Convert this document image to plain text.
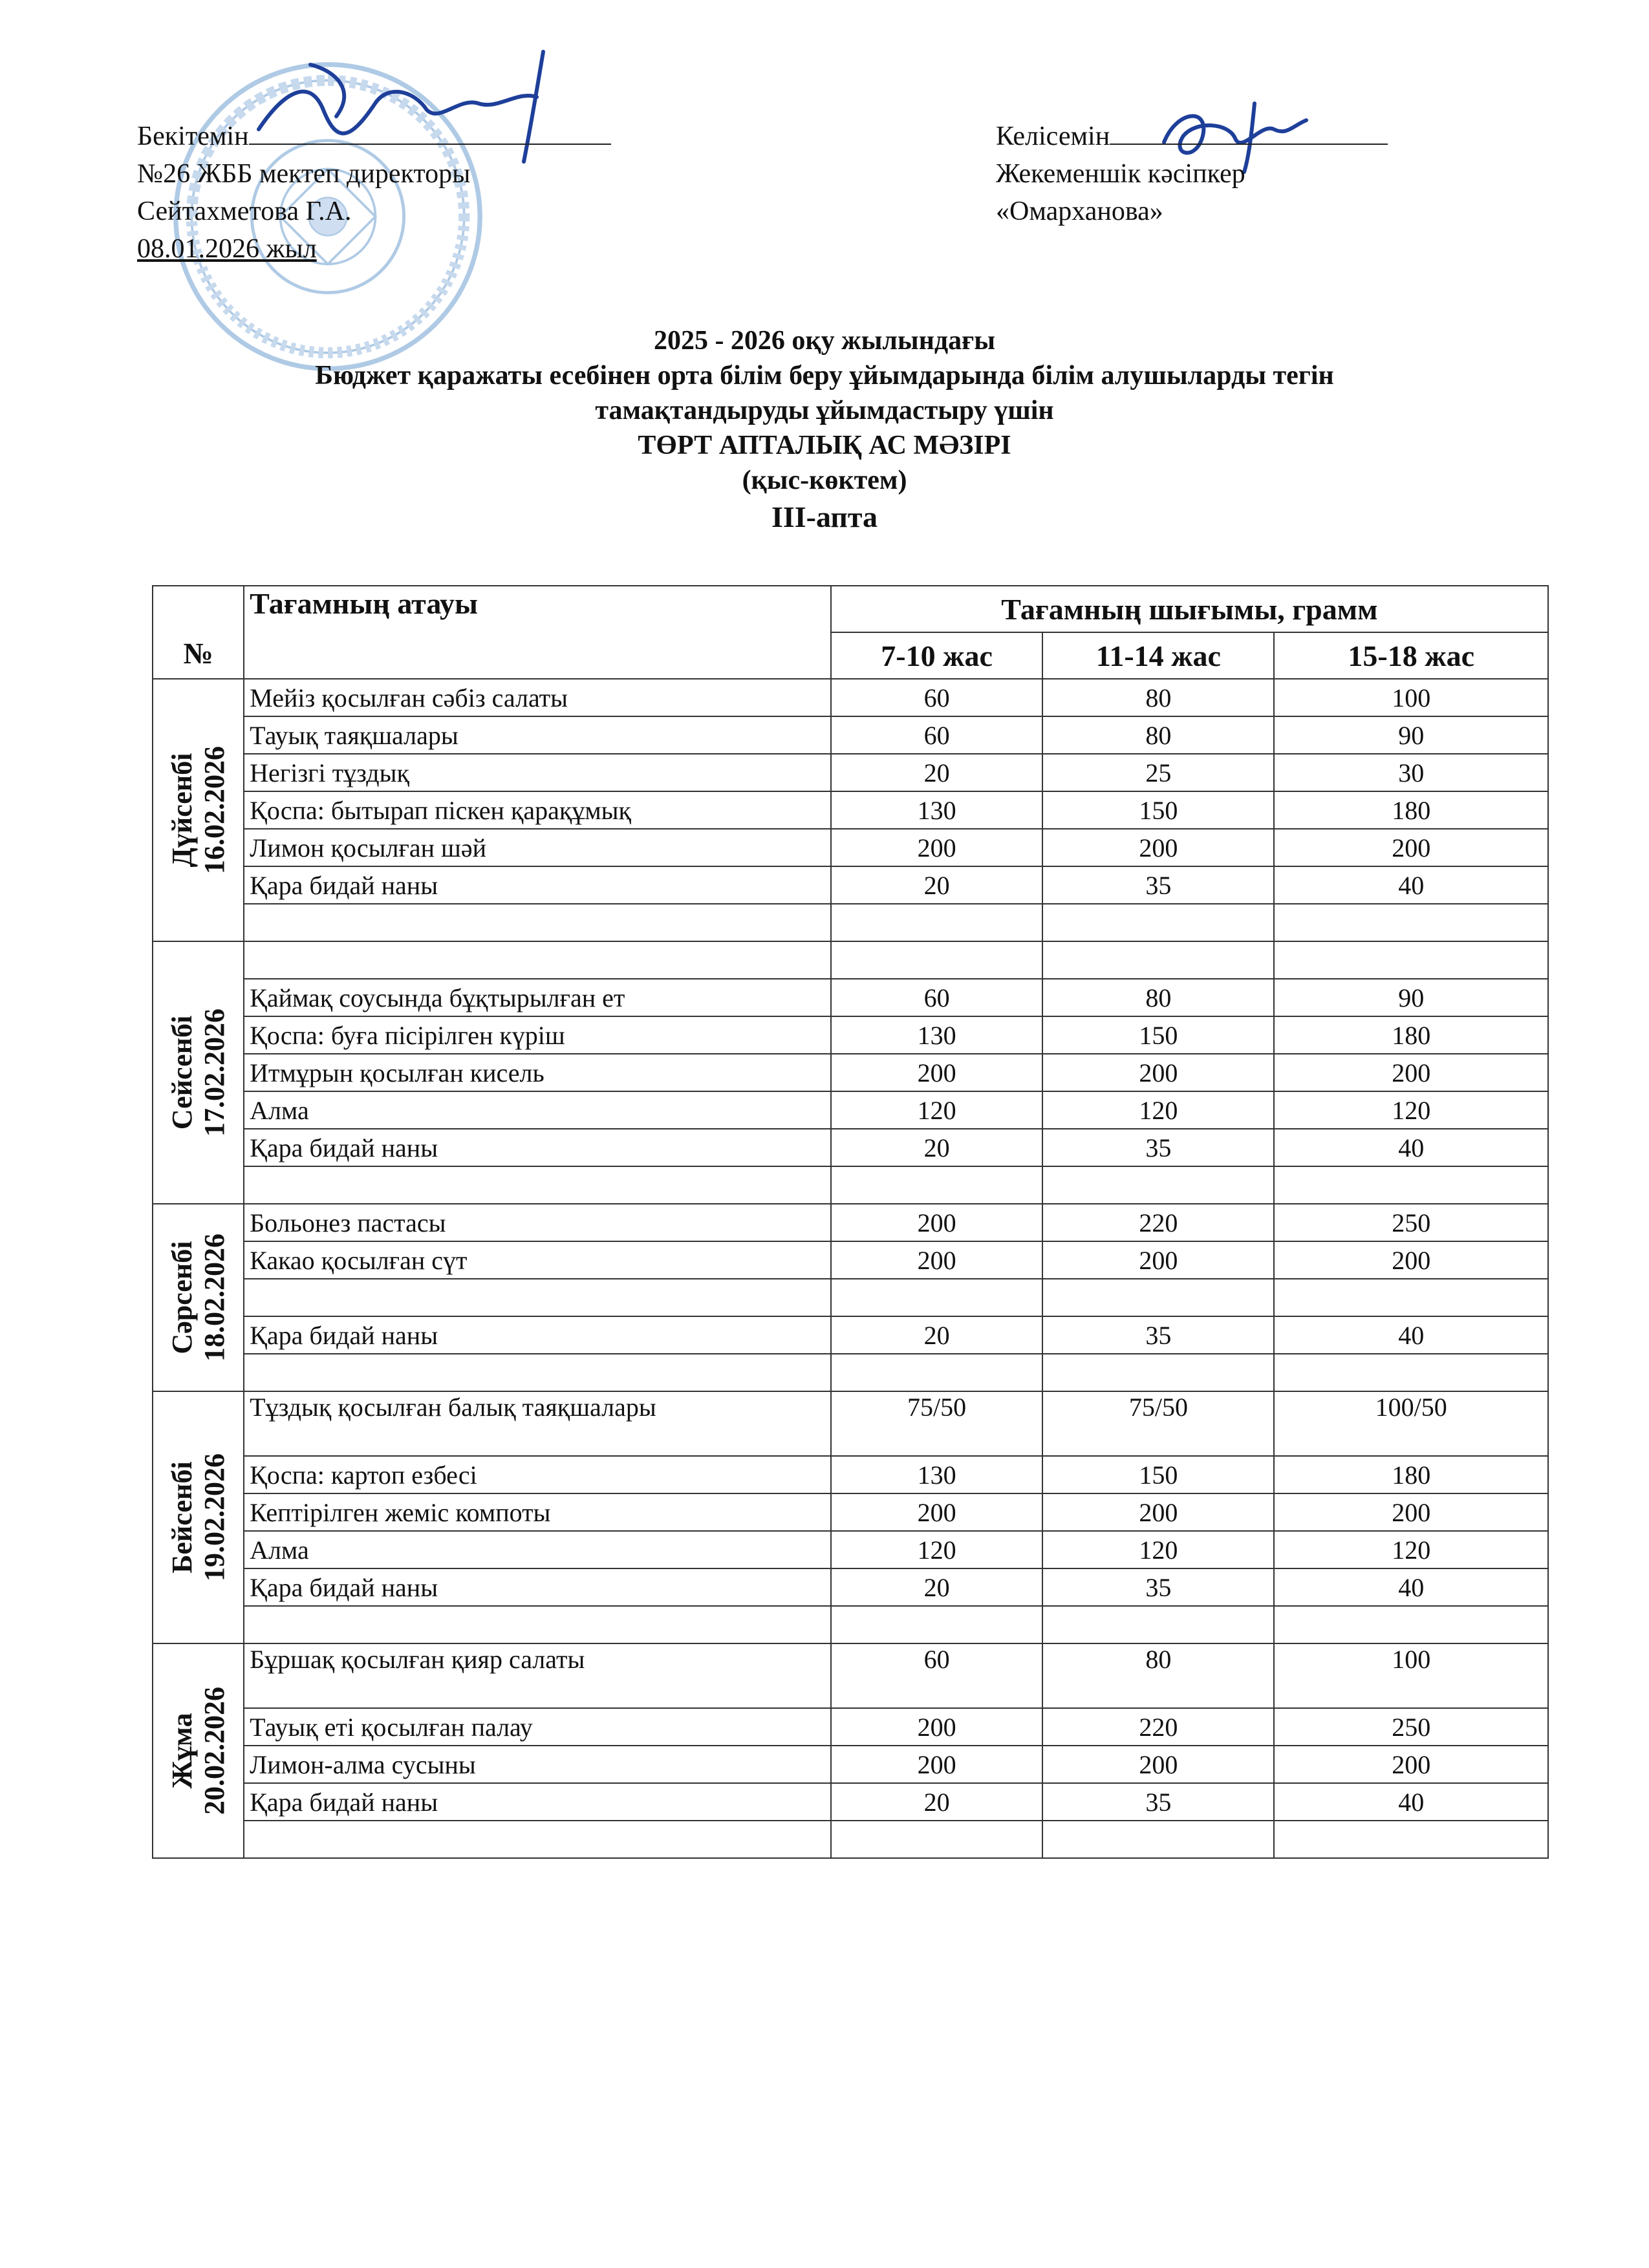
Бекітемін
№26 ЖББ мектеп директоры
Сейтахметова Г.А.
08.01.2026 жыл
Келісемін
Жекеменшік кәсіпкер
«Омарханова»
2025 - 2026 оқу жылындағы
Бюджет қаражаты есебінен орта білім беру ұйымдарында білім алушыларды тегін
тамақтандыруды ұйымдастыру үшін
ТӨРТ АПТАЛЫҚ АС МӘЗІРІ
(қыс-көктем)
ІІІ-апта
№	Тағамның атауы	Тағамның шығымы, грамм		
		7-10 жас	11-14 жас	15-18 жас

Дүйсенбі 16.02.2026	Мейіз қосылған сәбіз салаты	60	80	100
	Тауық таяқшалары	60	80	90
	Негізгі тұздық	20	25	30
	Қоспа: бытырап піскен қарақұмық	130	150	180
	Лимон қосылған шәй	200	200	200
	Қара бидай наны	20	35	40

Сейсенбі 17.02.2026				

	Қаймақ соусында бұқтырылған ет	60	80	90
	Қоспа: буға пісірілген күріш	130	150	180
	Итмұрын қосылған кисель	200	200	200
	Алма	120	120	120
	Қара бидай наны	20	35	40

Сәрсенбі 18.02.2026	Больонез пастасы	200	220	250
	Какао қосылған сүт	200	200	200

	Қара бидай наны	20	35	40

Бейсенбі 19.02.2026	Тұздық қосылған балық таяқшалары	75/50	75/50	100/50
	Қоспа: картоп езбесі	130	150	180
	Кептірілген жеміс компоты	200	200	200
	Алма	120	120	120
	Қара бидай наны	20	35	40

Жұма 20.02.2026	Бұршақ қосылған қияр салаты	60	80	100
	Тауық еті қосылған палау	200	220	250
	Лимон-алма сусыны	200	200	200
	Қара бидай наны	20	35	40
